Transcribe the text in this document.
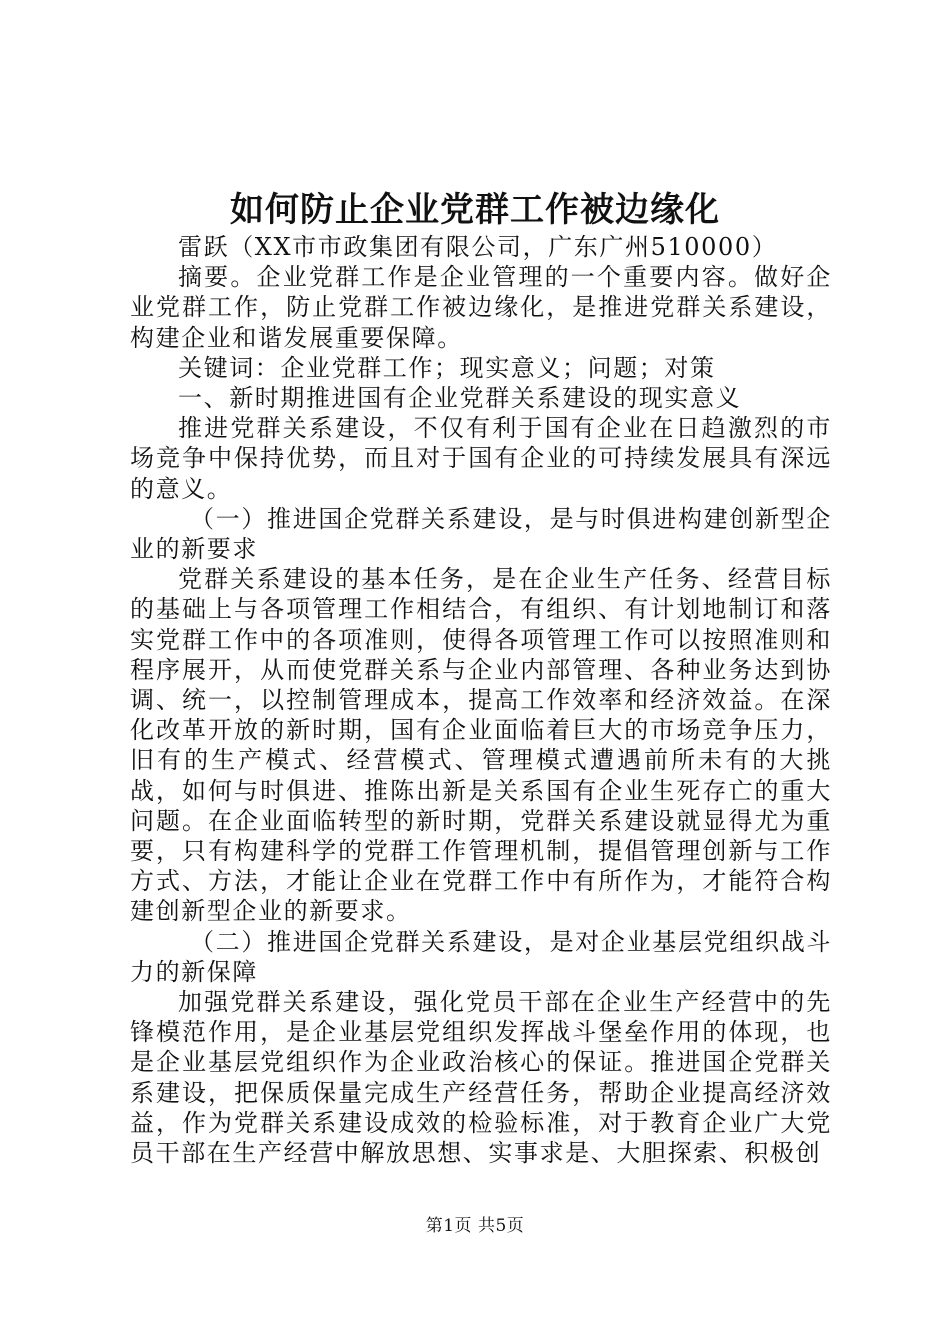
如何防止企业党群工作被边缘化

雷跃（XX市市政集团有限公司，广东广州510000）

摘要。企业党群工作是企业管理的一个重要内容。做好企业党群工作，防止党群工作被边缘化，是推进党群关系建设，构建企业和谐发展重要保障。

关键词：企业党群工作；现实意义；问题；对策

一、新时期推进国有企业党群关系建设的现实意义

推进党群关系建设，不仅有利于国有企业在日趋激烈的市场竞争中保持优势，而且对于国有企业的可持续发展具有深远的意义。

（一）推进国企党群关系建设，是与时俱进构建创新型企业的新要求

党群关系建设的基本任务，是在企业生产任务、经营目标的基础上与各项管理工作相结合，有组织、有计划地制订和落实党群工作中的各项准则，使得各项管理工作可以按照准则和程序展开，从而使党群关系与企业内部管理、各种业务达到协调、统一，以控制管理成本，提高工作效率和经济效益。在深化改革开放的新时期，国有企业面临着巨大的市场竞争压力，旧有的生产模式、经营模式、管理模式遭遇前所未有的大挑战，如何与时俱进、推陈出新是关系国有企业生死存亡的重大问题。在企业面临转型的新时期，党群关系建设就显得尤为重要，只有构建科学的党群工作管理机制，提倡管理创新与工作方式、方法，才能让企业在党群工作中有所作为，才能符合构建创新型企业的新要求。

（二）推进国企党群关系建设，是对企业基层党组织战斗力的新保障

加强党群关系建设，强化党员干部在企业生产经营中的先锋模范作用，是企业基层党组织发挥战斗堡垒作用的体现，也是企业基层党组织作为企业政治核心的保证。推进国企党群关系建设，把保质保量完成生产经营任务，帮助企业提高经济效益，作为党群关系建设成效的检验标准，对于教育企业广大党员干部在生产经营中解放思想、实事求是、大胆探索、积极创

第1页 共5页
